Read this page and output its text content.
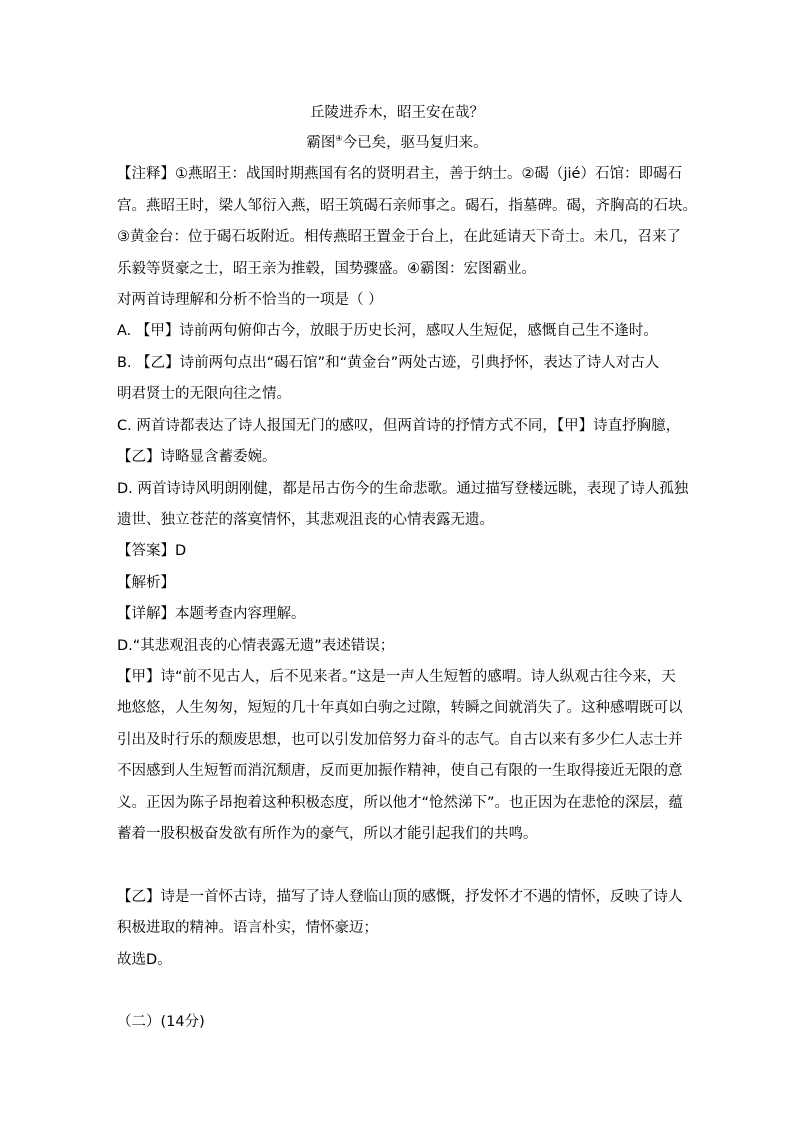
丘陵进乔木，昭王安在哉？

霸图④今已矣，驱马复归来。

【注释】①燕昭王：战国时期燕国有名的贤明君主，善于纳士。②碣（jié）石馆：即碣石

宫。燕昭王时，梁人邹衍入燕，昭王筑碣石亲师事之。碣石，指墓碑。碣，齐胸高的石块。

③黄金台：位于碣石坂附近。相传燕昭王置金于台上，在此延请天下奇士。未几，召来了

乐毅等贤豪之士，昭王亲为推毂，国势骤盛。④霸图：宏图霸业。

对两首诗理解和分析不恰当的一项是（ ）

A. 【甲】诗前两句俯仰古今，放眼于历史长河，感叹人生短促，感慨自己生不逢时。

B. 【乙】诗前两句点出“碣石馆”和“黄金台”两处古迹，引典抒怀，表达了诗人对古人

明君贤士的无限向往之情。

C. 两首诗都表达了诗人报国无门的感叹，但两首诗的抒情方式不同，【甲】诗直抒胸臆，

【乙】诗略显含蓄委婉。

D. 两首诗诗风明朗刚健，都是吊古伤今的生命悲歌。通过描写登楼远眺，表现了诗人孤独

遗世、独立苍茫的落寞情怀，其悲观沮丧的心情表露无遗。

【答案】D

【解析】

【详解】本题考查内容理解。

D.“其悲观沮丧的心情表露无遗”表述错误；

【甲】诗“前不见古人，后不见来者。”这是一声人生短暂的感喟。诗人纵观古往今来，天

地悠悠，人生匆匆，短短的几十年真如白驹之过隙，转瞬之间就消失了。这种感喟既可以

引出及时行乐的颓废思想，也可以引发加倍努力奋斗的志气。自古以来有多少仁人志士并

不因感到人生短暂而消沉颓唐，反而更加振作精神，使自己有限的一生取得接近无限的意

义。正因为陈子昂抱着这种积极态度，所以他才“怆然涕下”。也正因为在悲怆的深层，蕴

蓄着一股积极奋发欲有所作为的豪气，所以才能引起我们的共鸣。

【乙】诗是一首怀古诗，描写了诗人登临山顶的感慨，抒发怀才不遇的情怀，反映了诗人

积极进取的精神。语言朴实，情怀豪迈；

故选D。

（二）(14分)
